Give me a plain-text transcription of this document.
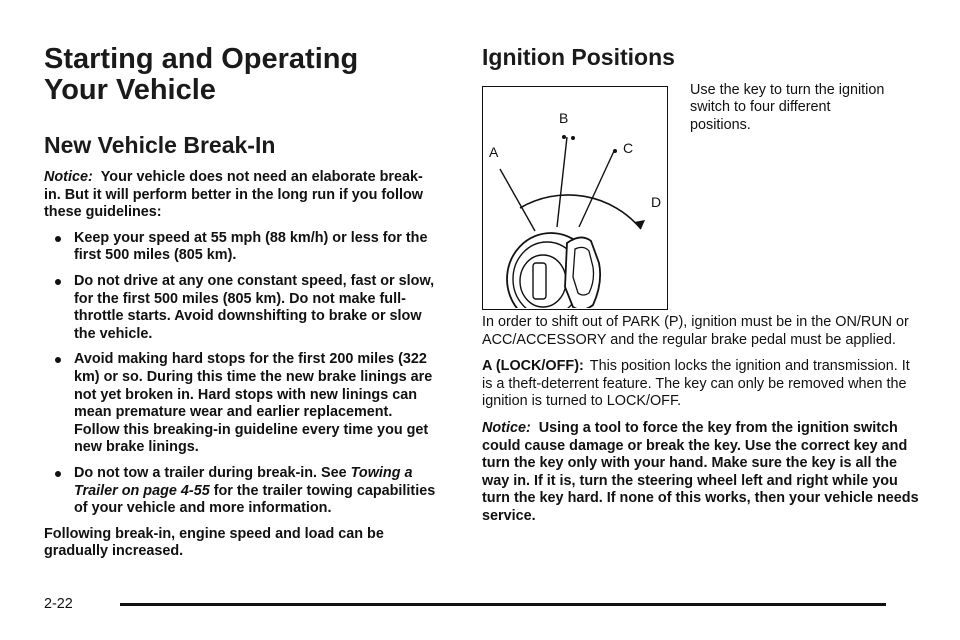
Starting and Operating
Your Vehicle
New Vehicle Break-In

Notice: Your vehicle does not need an elaborate break-in. But it will perform better in the long run if you follow these guidelines:

Keep your speed at 55 mph (88 km/h) or less for the first 500 miles (805 km).
Do not drive at any one constant speed, fast or slow, for the first 500 miles (805 km). Do not make full-throttle starts. Avoid downshifting to brake or slow the vehicle.
Avoid making hard stops for the first 200 miles (322 km) or so. During this time the new brake linings are not yet broken in. Hard stops with new linings can mean premature wear and earlier replacement. Follow this breaking-in guideline every time you get new brake linings.
Do not tow a trailer during break-in. See Towing a Trailer on page 4-55 for the trailer towing capabilities of your vehicle and more information.

Following break-in, engine speed and load can be gradually increased.

Ignition Positions
A
B
C
D

Use the key to turn the ignition switch to four different positions.

In order to shift out of PARK (P), ignition must be in the ON/RUN or ACC/ACCESSORY and the regular brake pedal must be applied.

A (LOCK/OFF): This position locks the ignition and transmission. It is a theft-deterrent feature. The key can only be removed when the ignition is turned to LOCK/OFF.

Notice: Using a tool to force the key from the ignition switch could cause damage or break the key. Use the correct key and turn the key only with your hand. Make sure the key is all the way in. If it is, turn the steering wheel left and right while you turn the key hard. If none of this works, then your vehicle needs service.

2-22
